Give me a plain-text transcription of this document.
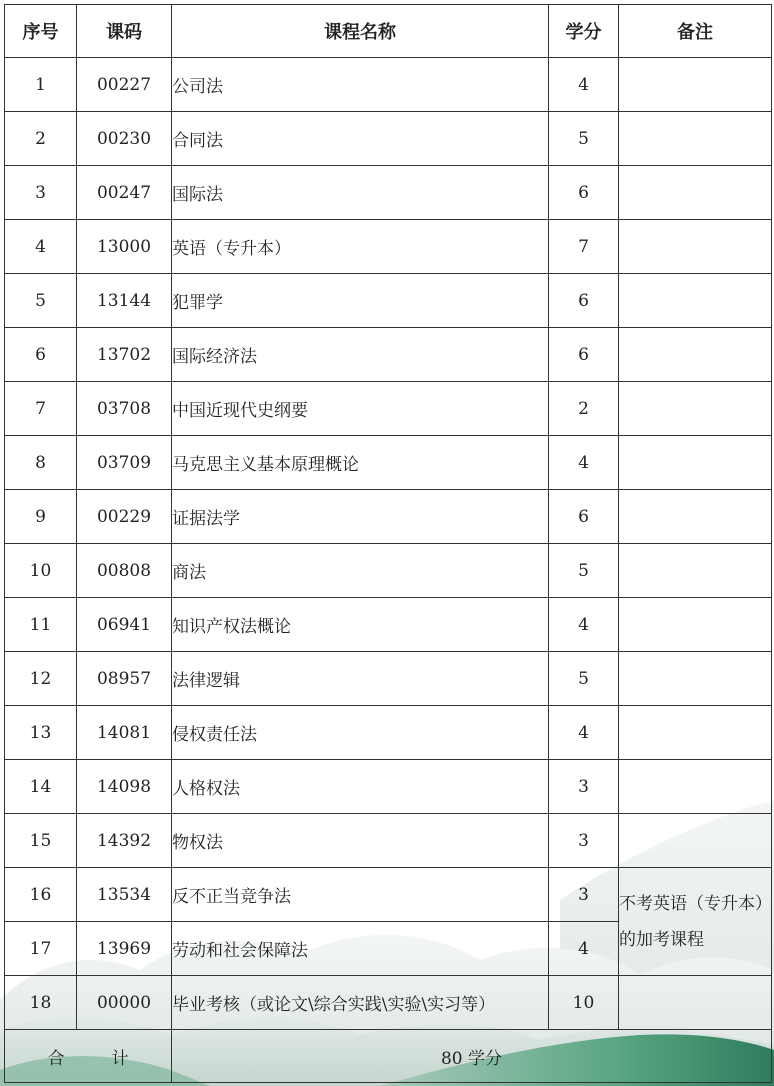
序号	课码	课程名称	学分	备注
1	00227	公司法	4	
2	00230	合同法	5	
3	00247	国际法	6	
4	13000	英语（专升本）	7	
5	13144	犯罪学	6	
6	13702	国际经济法	6	
7	03708	中国近现代史纲要	2	
8	03709	马克思主义基本原理概论	4	
9	00229	证据法学	6	
10	00808	商法	5	
11	06941	知识产权法概论	4	
12	08957	法律逻辑	5	
13	14081	侵权责任法	4	
14	14098	人格权法	3	
15	14392	物权法	3	
16	13534	反不正当竞争法	3	不考英语（专升本）的加考课程
17	13969	劳动和社会保障法	4	
18	00000	毕业考核（或论文\综合实践\实验\实习等）	10	
合 计		80 学分		
